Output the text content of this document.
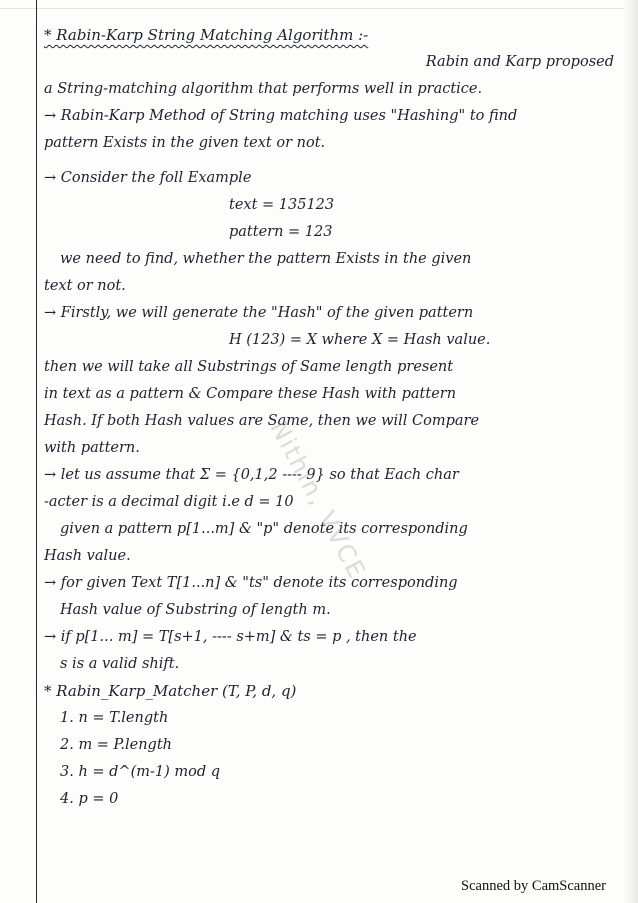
* Rabin-Karp String Matching Algorithm :-
Rabin and Karp proposed
a String-matching algorithm that performs well in practice.
→ Rabin-Karp Method of String matching uses "Hashing" to find
pattern Exists in the given text or not.
→ Consider the foll Example
text = 135123
pattern = 123
we need to find, whether the pattern Exists in the given
text or not.
→ Firstly, we will generate the "Hash" of the given pattern
H (123) = X where X = Hash value.
then we will take all Substrings of Same length present
in text as a pattern & Compare these Hash with pattern
Hash. If both Hash values are Same, then we will Compare
with pattern.
→ let us assume that Σ = {0,1,2 ---- 9} so that Each char
-acter is a decimal digit i.e d = 10
given a pattern p[1...m] & "p" denote its corresponding
Hash value.
→ for given Text T[1...n] & "ts" denote its corresponding
Hash value of Substring of length m.
→ if p[1... m] = T[s+1, ---- s+m] & ts = p , then the
s is a valid shift.
* Rabin_Karp_Matcher (T, P, d, q)
1. n = T.length
2. m = P.length
3. h = d^(m-1) mod q
4. p = 0
Nithin, VVCE
Scanned by CamScanner
